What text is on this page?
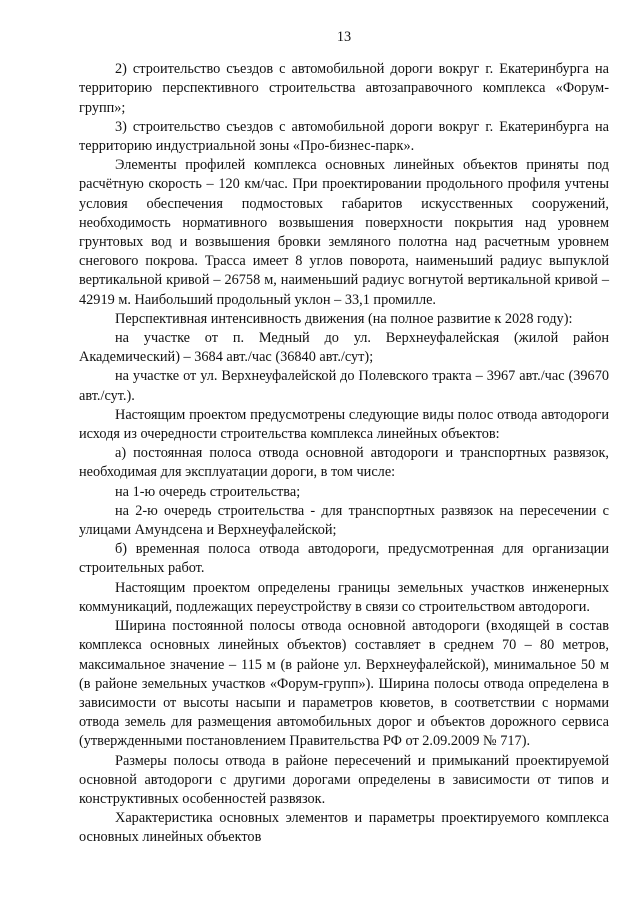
13

2) строительство съездов с автомобильной дороги вокруг г. Екатеринбурга на территорию перспективного строительства автозаправочного комплекса «Форум-групп»;

3) строительство съездов с автомобильной дороги вокруг г. Екатеринбурга на территорию индустриальной зоны «Про-бизнес-парк».

Элементы профилей комплекса основных линейных объектов приняты под расчётную скорость – 120 км/час. При проектировании продольного профиля учтены условия обеспечения подмостовых габаритов искусственных сооружений, необходимость нормативного возвышения поверхности покрытия над уровнем грунтовых вод и возвышения бровки земляного полотна над расчетным уровнем снегового покрова. Трасса имеет 8 углов поворота, наименьший радиус выпуклой вертикальной кривой – 26758 м, наименьший радиус вогнутой вертикальной кривой – 42919 м. Наибольший продольный уклон – 33,1 промилле.

Перспективная интенсивность движения (на полное развитие к 2028 году):

на участке от п. Медный до ул. Верхнеуфалейская (жилой район Академический) – 3684 авт./час (36840 авт./сут);

на участке от ул. Верхнеуфалейской до Полевского тракта – 3967 авт./час (39670 авт./сут.).

Настоящим проектом предусмотрены следующие виды полос отвода автодороги исходя из очередности строительства комплекса линейных объектов:

а) постоянная полоса отвода основной автодороги и транспортных развязок, необходимая для эксплуатации дороги, в том числе:

на 1-ю очередь строительства;

на 2-ю очередь строительства - для транспортных развязок на пересечении с улицами Амундсена и Верхнеуфалейской;

б) временная полоса отвода автодороги, предусмотренная для организации строительных работ.

Настоящим проектом определены границы земельных участков инженерных коммуникаций, подлежащих переустройству в связи со строительством автодороги.

Ширина постоянной полосы отвода основной автодороги (входящей в состав комплекса основных линейных объектов) составляет в среднем 70 – 80 метров, максимальное значение – 115 м (в районе ул. Верхнеуфалейской), минимальное 50 м (в районе земельных участков «Форум-групп»). Ширина полосы отвода определена в зависимости от высоты насыпи и параметров кюветов, в соответствии с нормами отвода земель для размещения автомобильных дорог и объектов дорожного сервиса (утвержденными постановлением Правительства РФ от 2.09.2009 № 717).

Размеры полосы отвода в районе пересечений и примыканий проектируемой основной автодороги с другими дорогами определены в зависимости от типов и конструктивных особенностей развязок.

Характеристика основных элементов и параметры проектируемого комплекса основных линейных объектов
